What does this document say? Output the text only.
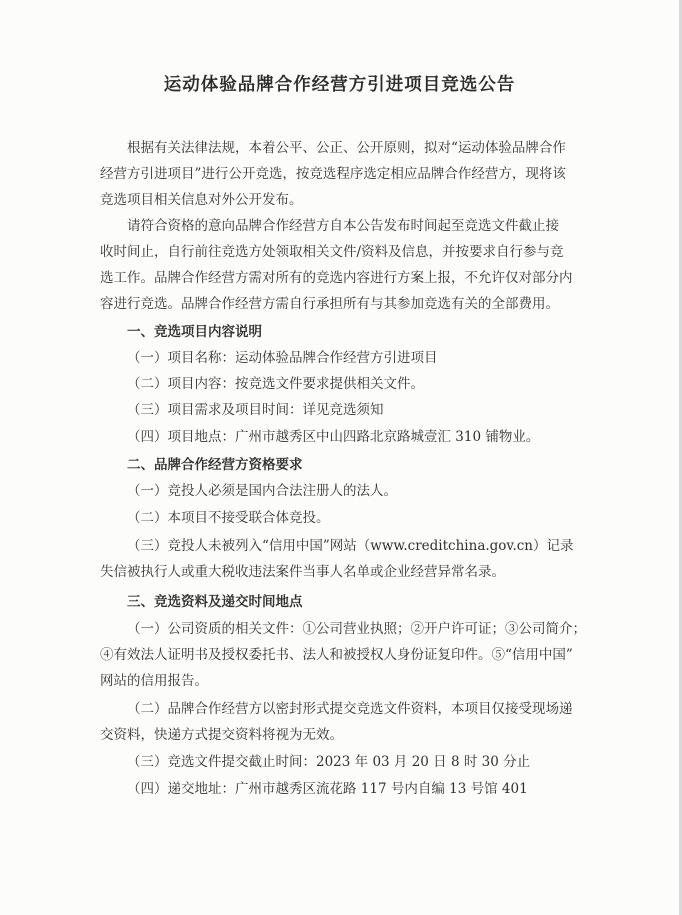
运动体验品牌合作经营方引进项目竞选公告
根据有关法律法规，本着公平、公正、公开原则，拟对“运动体验品牌合作
经营方引进项目”进行公开竞选，按竞选程序选定相应品牌合作经营方，现将该
竞选项目相关信息对外公开发布。
请符合资格的意向品牌合作经营方自本公告发布时间起至竞选文件截止接
收时间止，自行前往竞选方处领取相关文件/资料及信息，并按要求自行参与竞
选工作。品牌合作经营方需对所有的竞选内容进行方案上报，不允许仅对部分内
容进行竞选。品牌合作经营方需自行承担所有与其参加竞选有关的全部费用。
一、竞选项目内容说明
（一）项目名称：运动体验品牌合作经营方引进项目
（二）项目内容：按竞选文件要求提供相关文件。
（三）项目需求及项目时间：详见竞选须知
（四）项目地点：广州市越秀区中山四路北京路城壹汇 310 铺物业。
二、品牌合作经营方资格要求
（一）竞投人必须是国内合法注册人的法人。
（二）本项目不接受联合体竞投。
（三）竞投人未被列入“信用中国”网站（www.creditchina.gov.cn）记录
失信被执行人或重大税收违法案件当事人名单或企业经营异常名录。
三、竞选资料及递交时间地点
（一）公司资质的相关文件：①公司营业执照；②开户许可证；③公司简介；
④有效法人证明书及授权委托书、法人和被授权人身份证复印件。⑤“信用中国”
网站的信用报告。
（二）品牌合作经营方以密封形式提交竞选文件资料，本项目仅接受现场递
交资料，快递方式提交资料将视为无效。
（三）竞选文件提交截止时间：2023 年 03 月 20 日 8 时 30 分止
（四）递交地址：广州市越秀区流花路 117 号内自编 13 号馆 401
